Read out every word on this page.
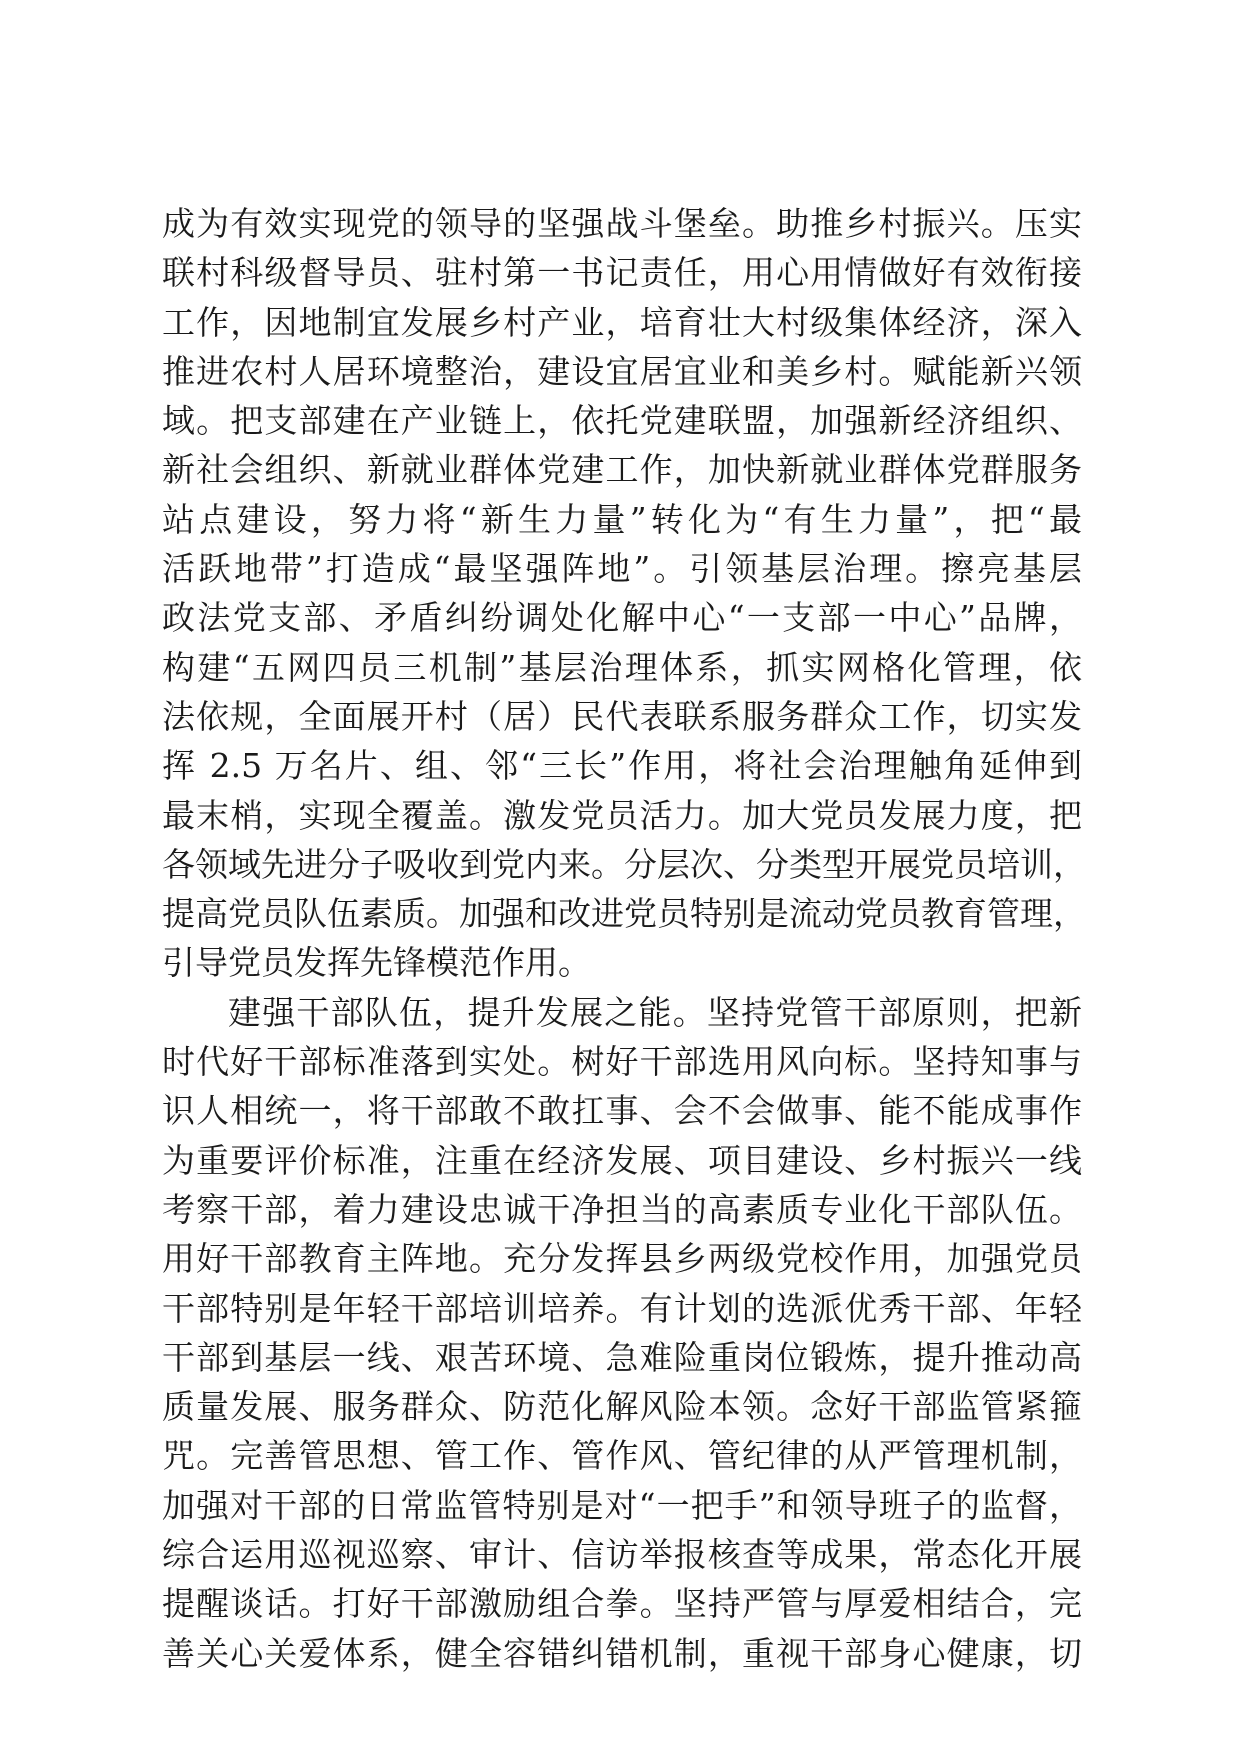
成为有效实现党的领导的坚强战斗堡垒。助推乡村振兴。压实
联村科级督导员、驻村第一书记责任，用心用情做好有效衔接
工作，因地制宜发展乡村产业，培育壮大村级集体经济，深入
推进农村人居环境整治，建设宜居宜业和美乡村。赋能新兴领
域。把支部建在产业链上，依托党建联盟，加强新经济组织、
新社会组织、新就业群体党建工作，加快新就业群体党群服务
站点建设，努力将“新生力量”转化为“有生力量”，把“最
活跃地带”打造成“最坚强阵地”。引领基层治理。擦亮基层
政法党支部、矛盾纠纷调处化解中心“一支部一中心”品牌，
构建“五网四员三机制”基层治理体系，抓实网格化管理，依
法依规，全面展开村（居）民代表联系服务群众工作，切实发
挥 2.5 万名片、组、邻“三长”作用，将社会治理触角延伸到
最末梢，实现全覆盖。激发党员活力。加大党员发展力度，把
各领域先进分子吸收到党内来。分层次、分类型开展党员培训，
提高党员队伍素质。加强和改进党员特别是流动党员教育管理，
引导党员发挥先锋模范作用。
建强干部队伍，提升发展之能。坚持党管干部原则，把新
时代好干部标准落到实处。树好干部选用风向标。坚持知事与
识人相统一，将干部敢不敢扛事、会不会做事、能不能成事作
为重要评价标准，注重在经济发展、项目建设、乡村振兴一线
考察干部，着力建设忠诚干净担当的高素质专业化干部队伍。
用好干部教育主阵地。充分发挥县乡两级党校作用，加强党员
干部特别是年轻干部培训培养。有计划的选派优秀干部、年轻
干部到基层一线、艰苦环境、急难险重岗位锻炼，提升推动高
质量发展、服务群众、防范化解风险本领。念好干部监管紧箍
咒。完善管思想、管工作、管作风、管纪律的从严管理机制，
加强对干部的日常监管特别是对“一把手”和领导班子的监督，
综合运用巡视巡察、审计、信访举报核查等成果，常态化开展
提醒谈话。打好干部激励组合拳。坚持严管与厚爱相结合，完
善关心关爱体系，健全容错纠错机制，重视干部身心健康，切
